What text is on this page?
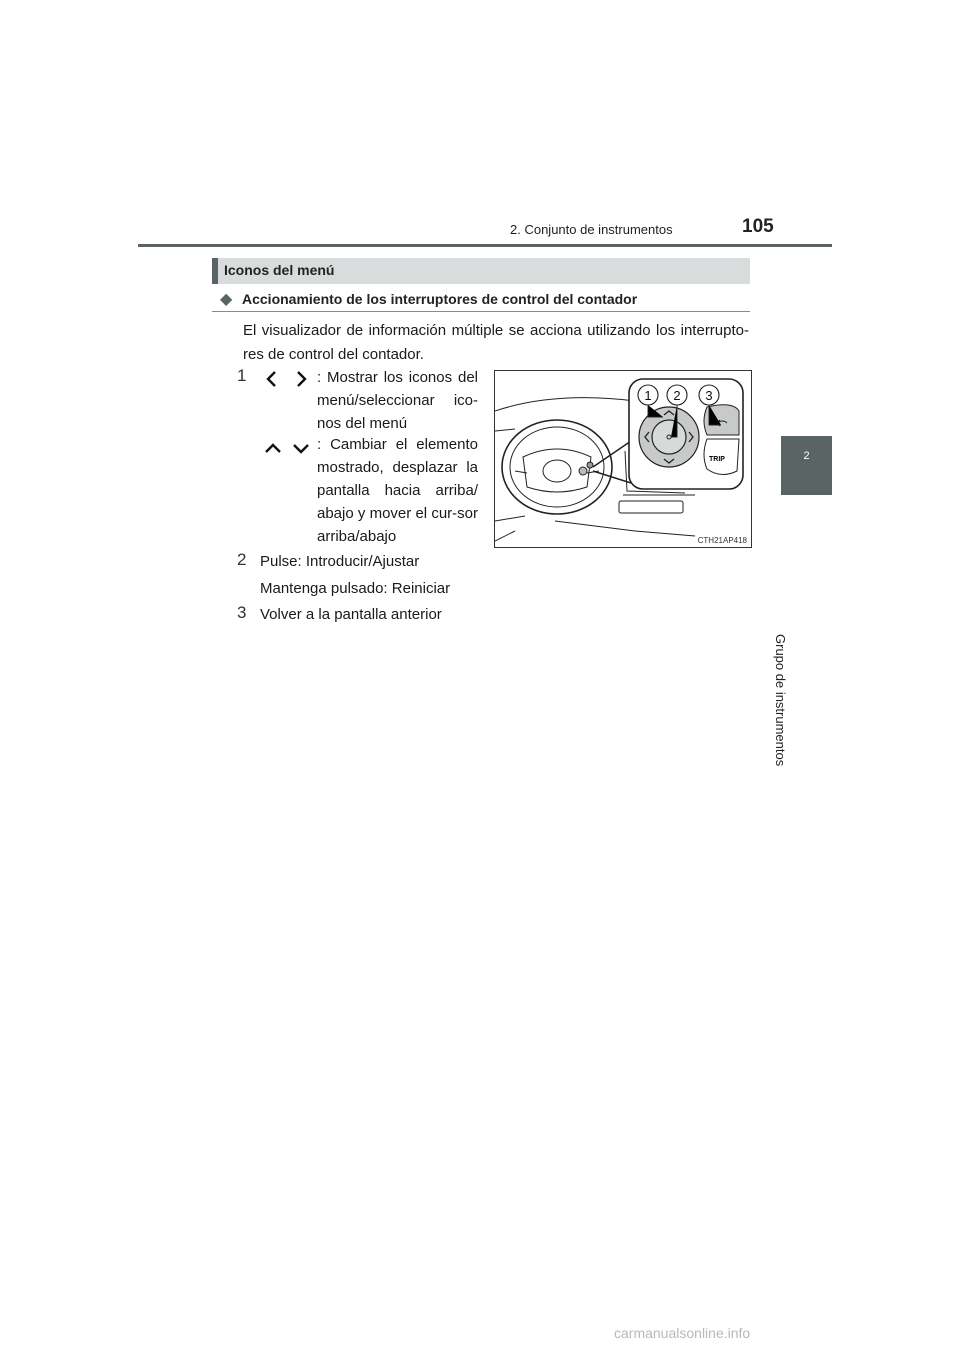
2. Conjunto de instrumentos	105
2
Grupo de instrumentos
Iconos del menú
◆ Accionamiento de los interruptores de control del contador
El visualizador de información múltiple se acciona utilizando los interrupto-res de control del contador.
1	: Mostrar los iconos del menú/seleccionar ico-nos del menú
: Cambiar el elemento mostrado, desplazar la pantalla hacia arriba/ abajo y mover el cur-sor arriba/abajo
2 Pulse: Introducir/Ajustar
Mantenga pulsado: Reiniciar
3 Volver a la pantalla anterior
TRIP
1 2 3
CTH21AP418
carmanualsonline.info
